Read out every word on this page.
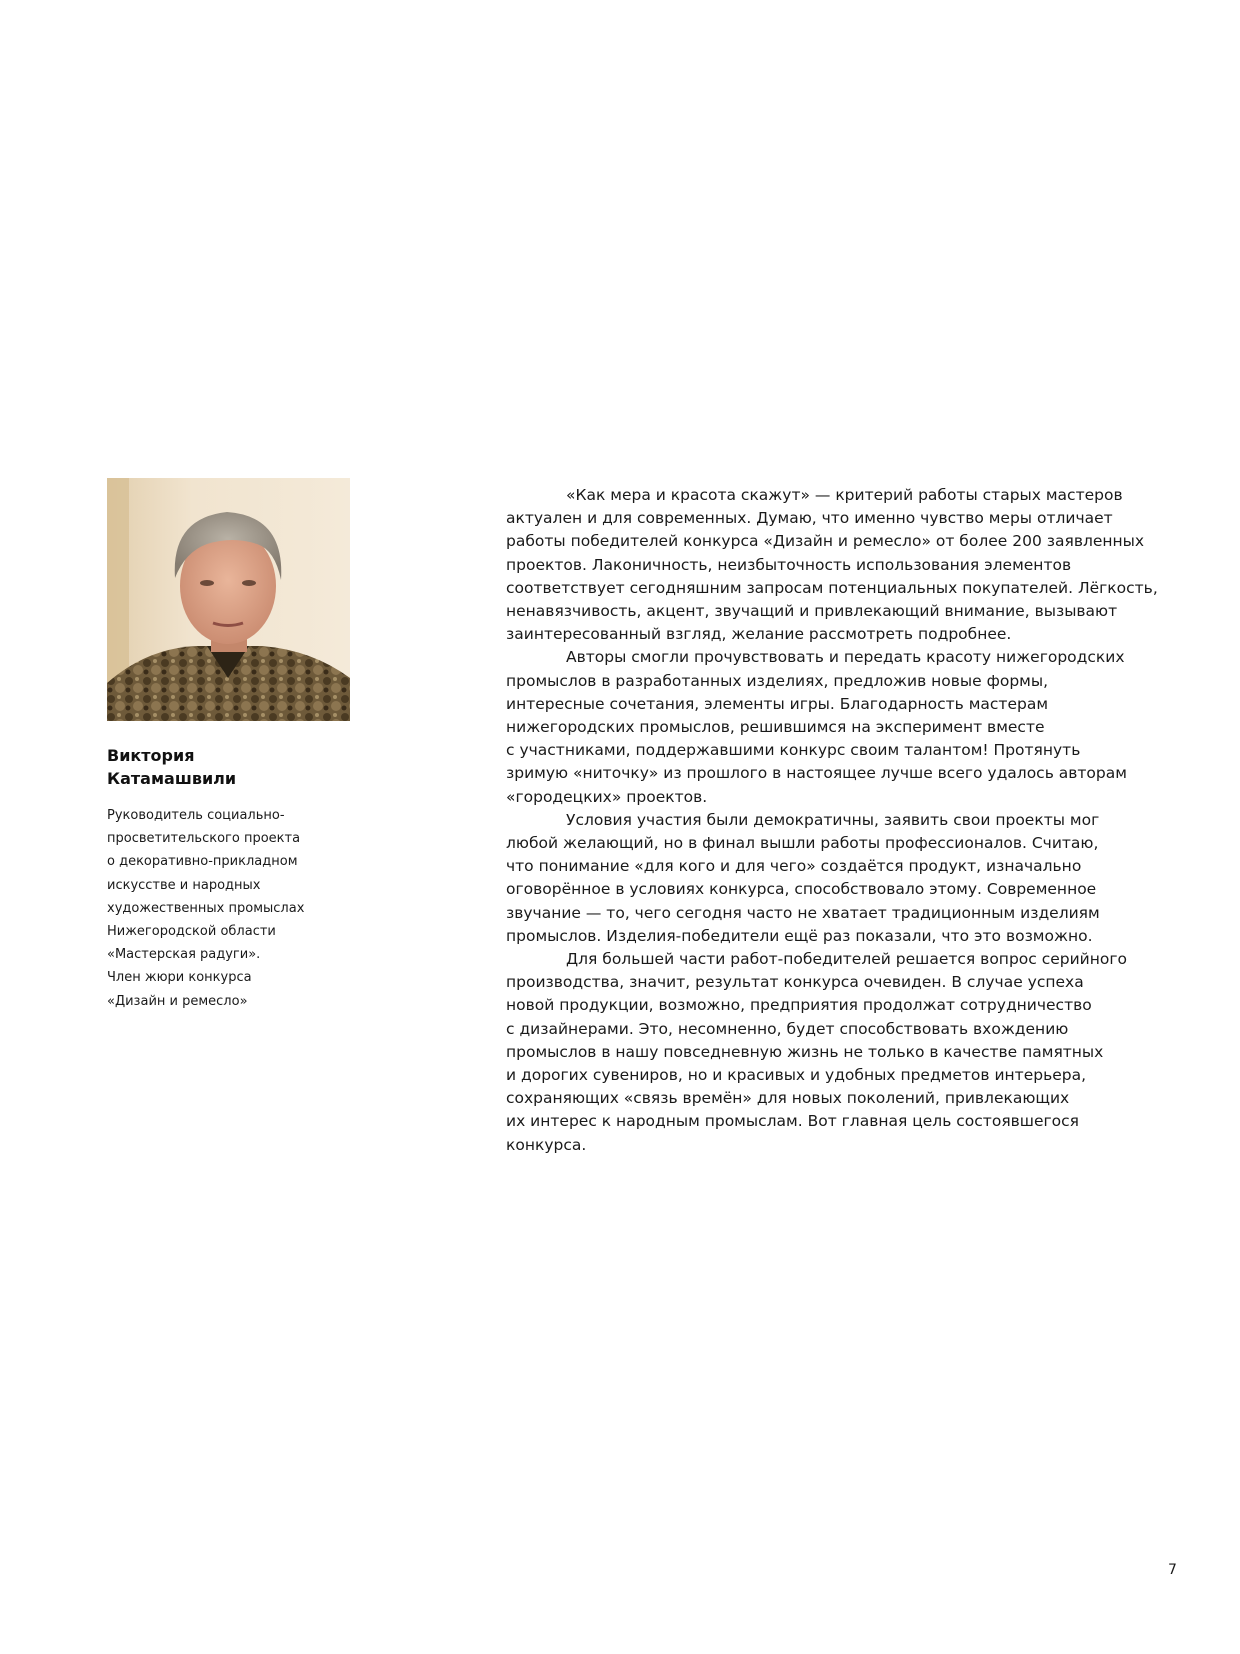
Виктория
Катамашвили

Руководитель социально-
просветительского проекта
о декоративно-прикладном
искусстве и народных
художественных промыслах
Нижегородской области
«Мастерская радуги».
Член жюри конкурса
«Дизайн и ремесло»

«Как мера и красота скажут» — критерий работы старых мастеров
актуален и для современных. Думаю, что именно чувство меры отличает
работы победителей конкурса «Дизайн и ремесло» от более 200 заявленных
проектов. Лаконичность, неизбыточность использования элементов
соответствует сегодняшним запросам потенциальных покупателей. Лёгкость,
ненавязчивость, акцент, звучащий и привлекающий внимание, вызывают
заинтересованный взгляд, желание рассмотреть подробнее.
Авторы смогли прочувствовать и передать красоту нижегородских
промыслов в разработанных изделиях, предложив новые формы,
интересные сочетания, элементы игры. Благодарность мастерам
нижегородских промыслов, решившимся на эксперимент вместе
с участниками, поддержавшими конкурс своим талантом! Протянуть
зримую «ниточку» из прошлого в настоящее лучше всего удалось авторам
«городецких» проектов.
Условия участия были демократичны, заявить свои проекты мог
любой желающий, но в финал вышли работы профессионалов. Считаю,
что понимание «для кого и для чего» создаётся продукт, изначально
оговорённое в условиях конкурса, способствовало этому. Современное
звучание — то, чего сегодня часто не хватает традиционным изделиям
промыслов. Изделия-победители ещё раз показали, что это возможно.
Для большей части работ-победителей решается вопрос серийного
производства, значит, результат конкурса очевиден. В случае успеха
новой продукции, возможно, предприятия продолжат сотрудничество
с дизайнерами. Это, несомненно, будет способствовать вхождению
промыслов в нашу повседневную жизнь не только в качестве памятных
и дорогих сувениров, но и красивых и удобных предметов интерьера,
сохраняющих «связь времён» для новых поколений, привлекающих
их интерес к народным промыслам. Вот главная цель состоявшегося
конкурса.
7
